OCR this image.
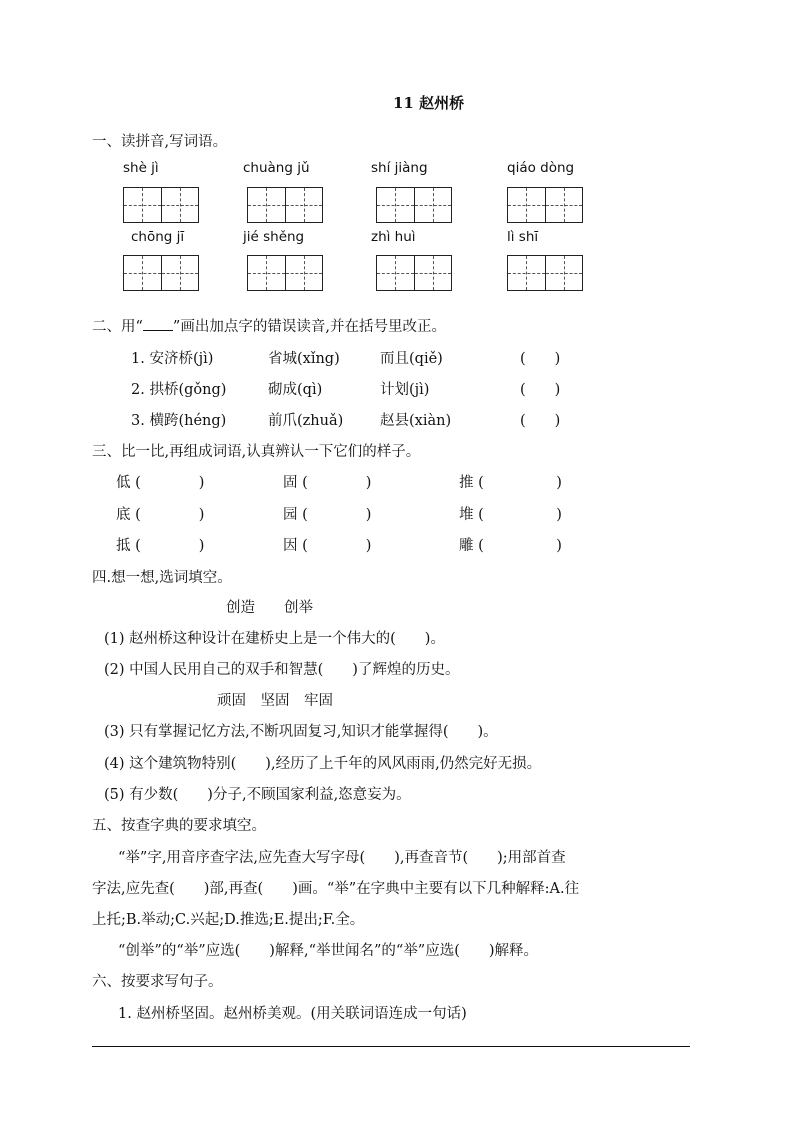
11 赵州桥
一、读拼音,写词语。
shè jì	chuàng jǔ	shí jiàng	qiáo dòng
chōng jī	jié shěng	zhì huì	lì shī
二、用“ ”画出加点字的错误读音,并在括号里改正。
1. 安济桥(jì)	省城(xǐng)	而且(qiě)	(　　)
2. 拱桥(gǒng)	砌成(qì)	计划(jì)	(　　)
3. 横跨(héng)	前爪(zhuǎ)	赵县(xiàn)	(　　)
三、比一比,再组成词语,认真辨认一下它们的样子。
低 (　　　　)	固 (　　　　)	推 (　　　　　)
底 (　　　　)	园 (　　　　)	堆 (　　　　　)
抵 (　　　　)	因 (　　　　)	雕 (　　　　　)
四.想一想,选词填空。
创造　　创举
(1) 赵州桥这种设计在建桥史上是一个伟大的(　　)。
(2) 中国人民用自己的双手和智慧(　　)了辉煌的历史。
顽固　坚固　牢固
(3) 只有掌握记忆方法,不断巩固复习,知识才能掌握得(　　)。
(4) 这个建筑物特别(　　),经历了上千年的风风雨雨,仍然完好无损。
(5) 有少数(　　)分子,不顾国家利益,恣意妄为。
五、按查字典的要求填空。
“举”字,用音序查字法,应先查大写字母(　　),再查音节(　　);用部首查
字法,应先查(　　)部,再查(　　)画。“举”在字典中主要有以下几种解释:A.往
上托;B.举动;C.兴起;D.推选;E.提出;F.全。
“创举”的“举”应选(　　)解释,“举世闻名”的“举”应选(　　)解释。
六、按要求写句子。
1. 赵州桥坚固。赵州桥美观。(用关联词语连成一句话)
